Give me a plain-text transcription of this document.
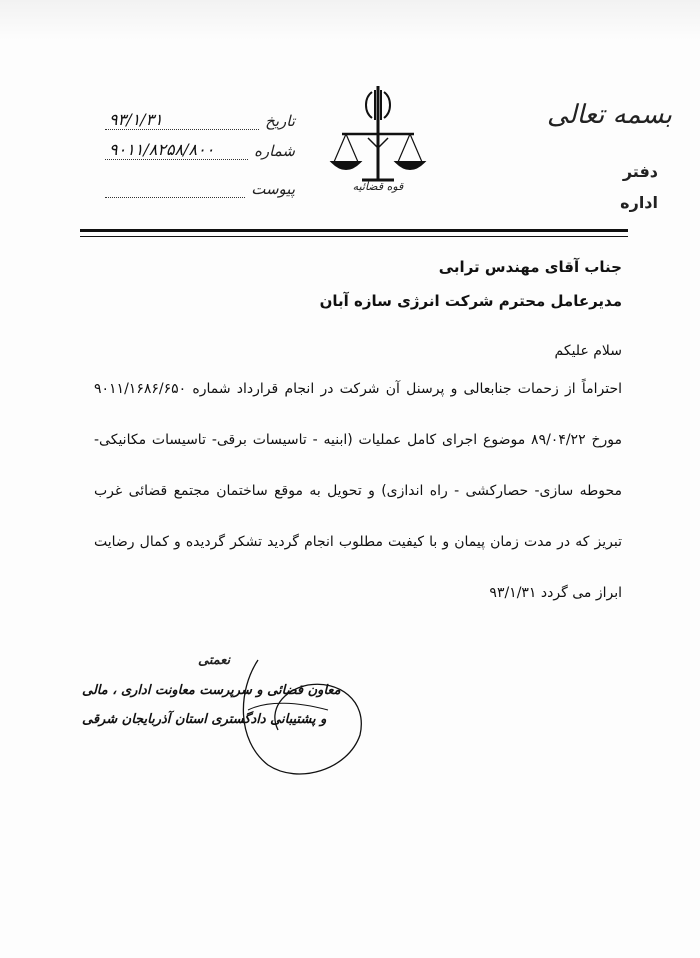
بسمه تعالی
دفتر
اداره
قوه قضائیه
تاریخ
۹۳/۱/۳۱
شماره
۹۰۱۱/۸۲۵۸/۸۰۰
پیوست
جناب آقای مهندس ترابی
مدیرعامل محترم شرکت انرژی سازه آبان
سلام علیکم
احتراماً از زحمات جنابعالی و پرسنل آن شرکت در انجام قرارداد شماره ۹۰۱۱/۱۶۸۶/۶۵۰
مورخ ۸۹/۰۴/۲۲ موضوع اجرای کامل عملیات (ابنیه - تاسیسات برقی- تاسیسات مکانیکی-
محوطه سازی- حصارکشی - راه اندازی) و تحویل به موقع ساختمان مجتمع قضائی غرب
تبریز که در مدت زمان پیمان و با کیفیت مطلوب انجام گردید تشکر گردیده و کمال رضایت
ابراز می گردد ۹۳/۱/۳۱
نعمتی
معاون قضائی و سرپرست معاونت اداری ، مالی
و پشتیبانی دادگستری استان آذربایجان شرقی
